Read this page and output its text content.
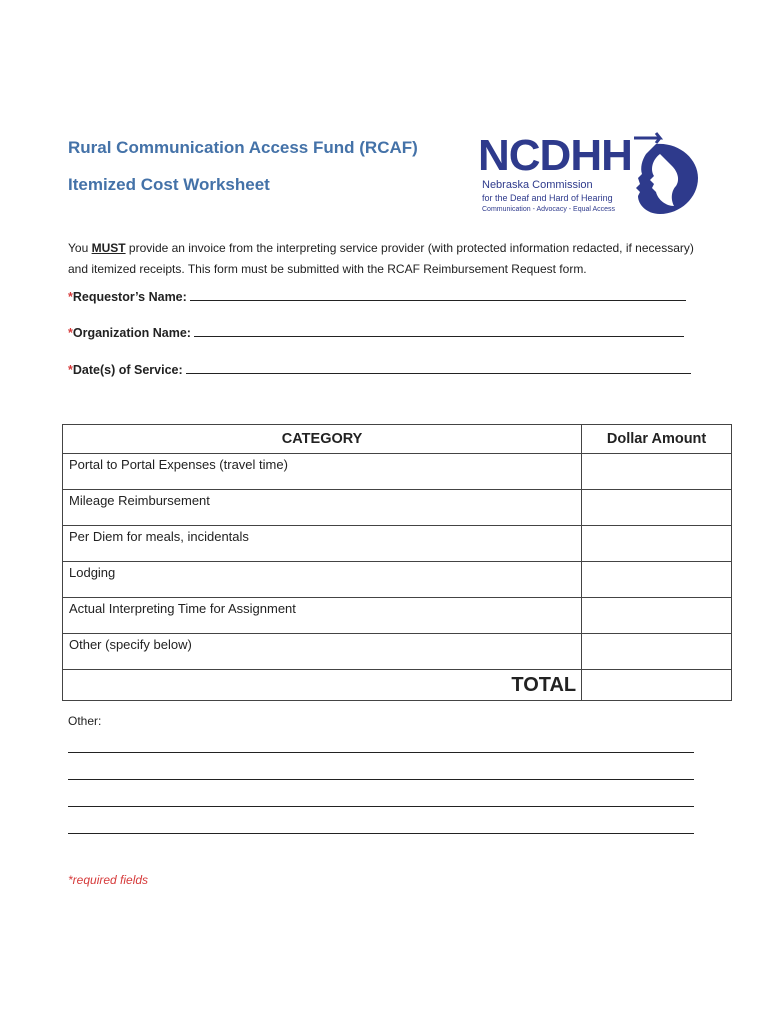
Rural Communication Access Fund (RCAF)
Itemized Cost Worksheet
NCDHH
Nebraska Commission
for the Deaf and Hard of Hearing
Communication - Advocacy - Equal Access
You MUST provide an invoice from the interpreting service provider (with protected information redacted, if necessary) and itemized receipts. This form must be submitted with the RCAF Reimbursement Request form.
*Requestor’s Name:
*Organization Name:
*Date(s) of Service:
CATEGORY	Dollar Amount
Portal to Portal Expenses (travel time)	
Mileage Reimbursement	
Per Diem for meals, incidentals	
Lodging	
Actual Interpreting Time for Assignment	
Other (specify below)	
TOTAL	
Other:
*required fields
